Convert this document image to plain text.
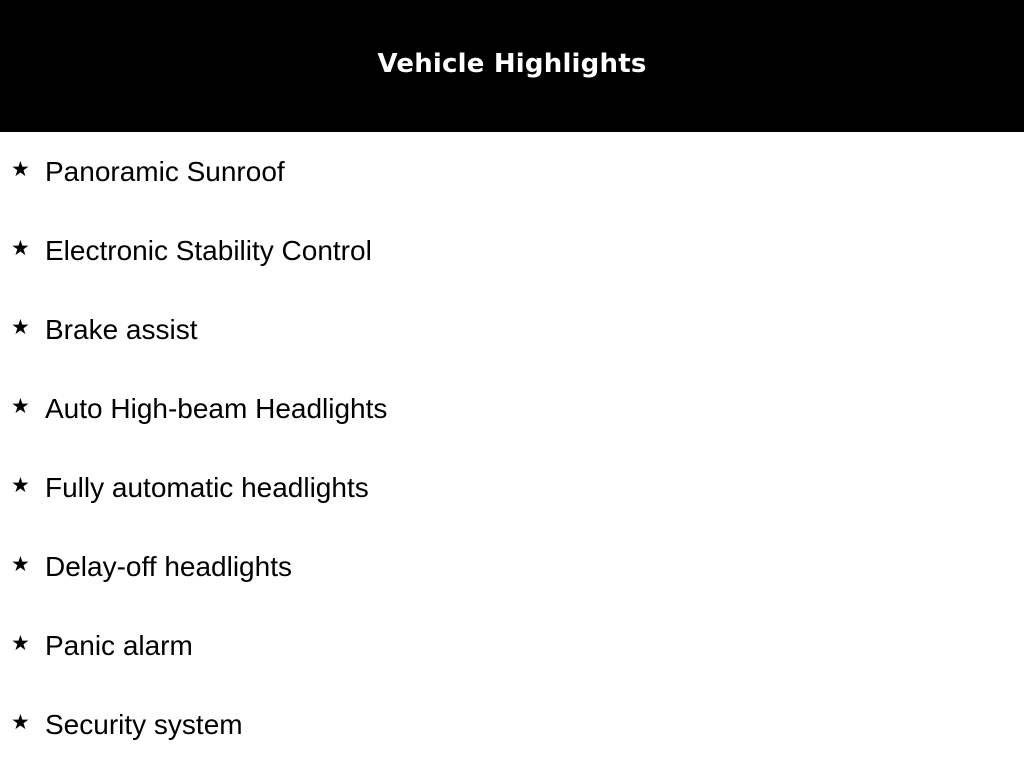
Vehicle Highlights
★ Panoramic Sunroof
★ Electronic Stability Control
★ Brake assist
★ Auto High-beam Headlights
★ Fully automatic headlights
★ Delay-off headlights
★ Panic alarm
★ Security system
